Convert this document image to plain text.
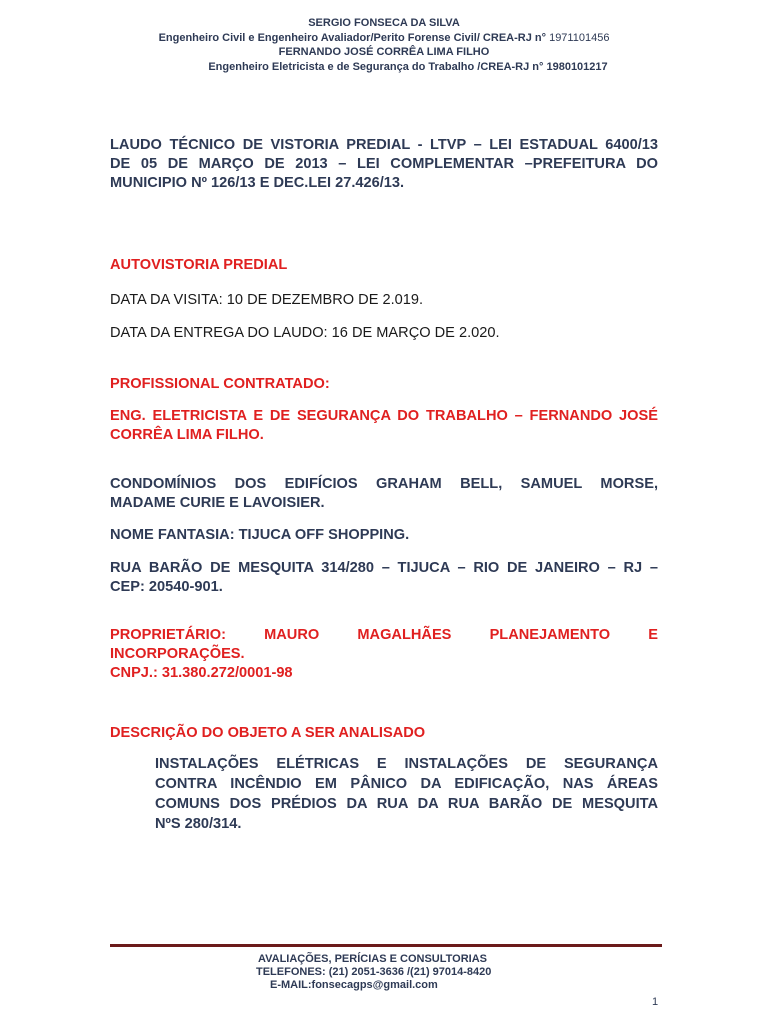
SERGIO FONSECA DA SILVA
Engenheiro Civil e Engenheiro Avaliador/Perito Forense Civil/ CREA-RJ n° 1971101456
FERNANDO JOSÉ CORRÊA LIMA FILHO
Engenheiro Eletricista e de Segurança do Trabalho /CREA-RJ n° 1980101217
LAUDO TÉCNICO DE VISTORIA PREDIAL - LTVP – LEI ESTADUAL 6400/13
DE 05 DE MARÇO DE 2013 – LEI COMPLEMENTAR –PREFEITURA DO
MUNICIPIO Nº 126/13 E DEC.LEI 27.426/13.
AUTOVISTORIA PREDIAL
DATA DA VISITA: 10 DE DEZEMBRO DE 2.019.
DATA DA ENTREGA DO LAUDO: 16 DE MARÇO DE 2.020.
PROFISSIONAL CONTRATADO:
ENG. ELETRICISTA E DE SEGURANÇA DO TRABALHO – FERNANDO JOSÉ
CORRÊA LIMA FILHO.
CONDOMÍNIOS DOS EDIFÍCIOS GRAHAM BELL, SAMUEL MORSE,
MADAME CURIE E LAVOISIER.
NOME FANTASIA: TIJUCA OFF SHOPPING.
RUA BARÃO DE MESQUITA 314/280 – TIJUCA – RIO DE JANEIRO – RJ –
CEP: 20540-901.
PROPRIETÁRIO: MAURO MAGALHÃES PLANEJAMENTO E
INCORPORAÇÕES.
CNPJ.: 31.380.272/0001-98
DESCRIÇÃO DO OBJETO A SER ANALISADO
INSTALAÇÕES ELÉTRICAS E INSTALAÇÕES DE SEGURANÇA
CONTRA INCÊNDIO EM PÂNICO DA EDIFICAÇÃO, NAS ÁREAS
COMUNS DOS PRÉDIOS DA RUA DA RUA BARÃO DE MESQUITA
NºS 280/314.
AVALIAÇÕES, PERÍCIAS E CONSULTORIAS
TELEFONES: (21) 2051-3636 /(21) 97014-8420
E-MAIL:fonsecagps@gmail.com
1
